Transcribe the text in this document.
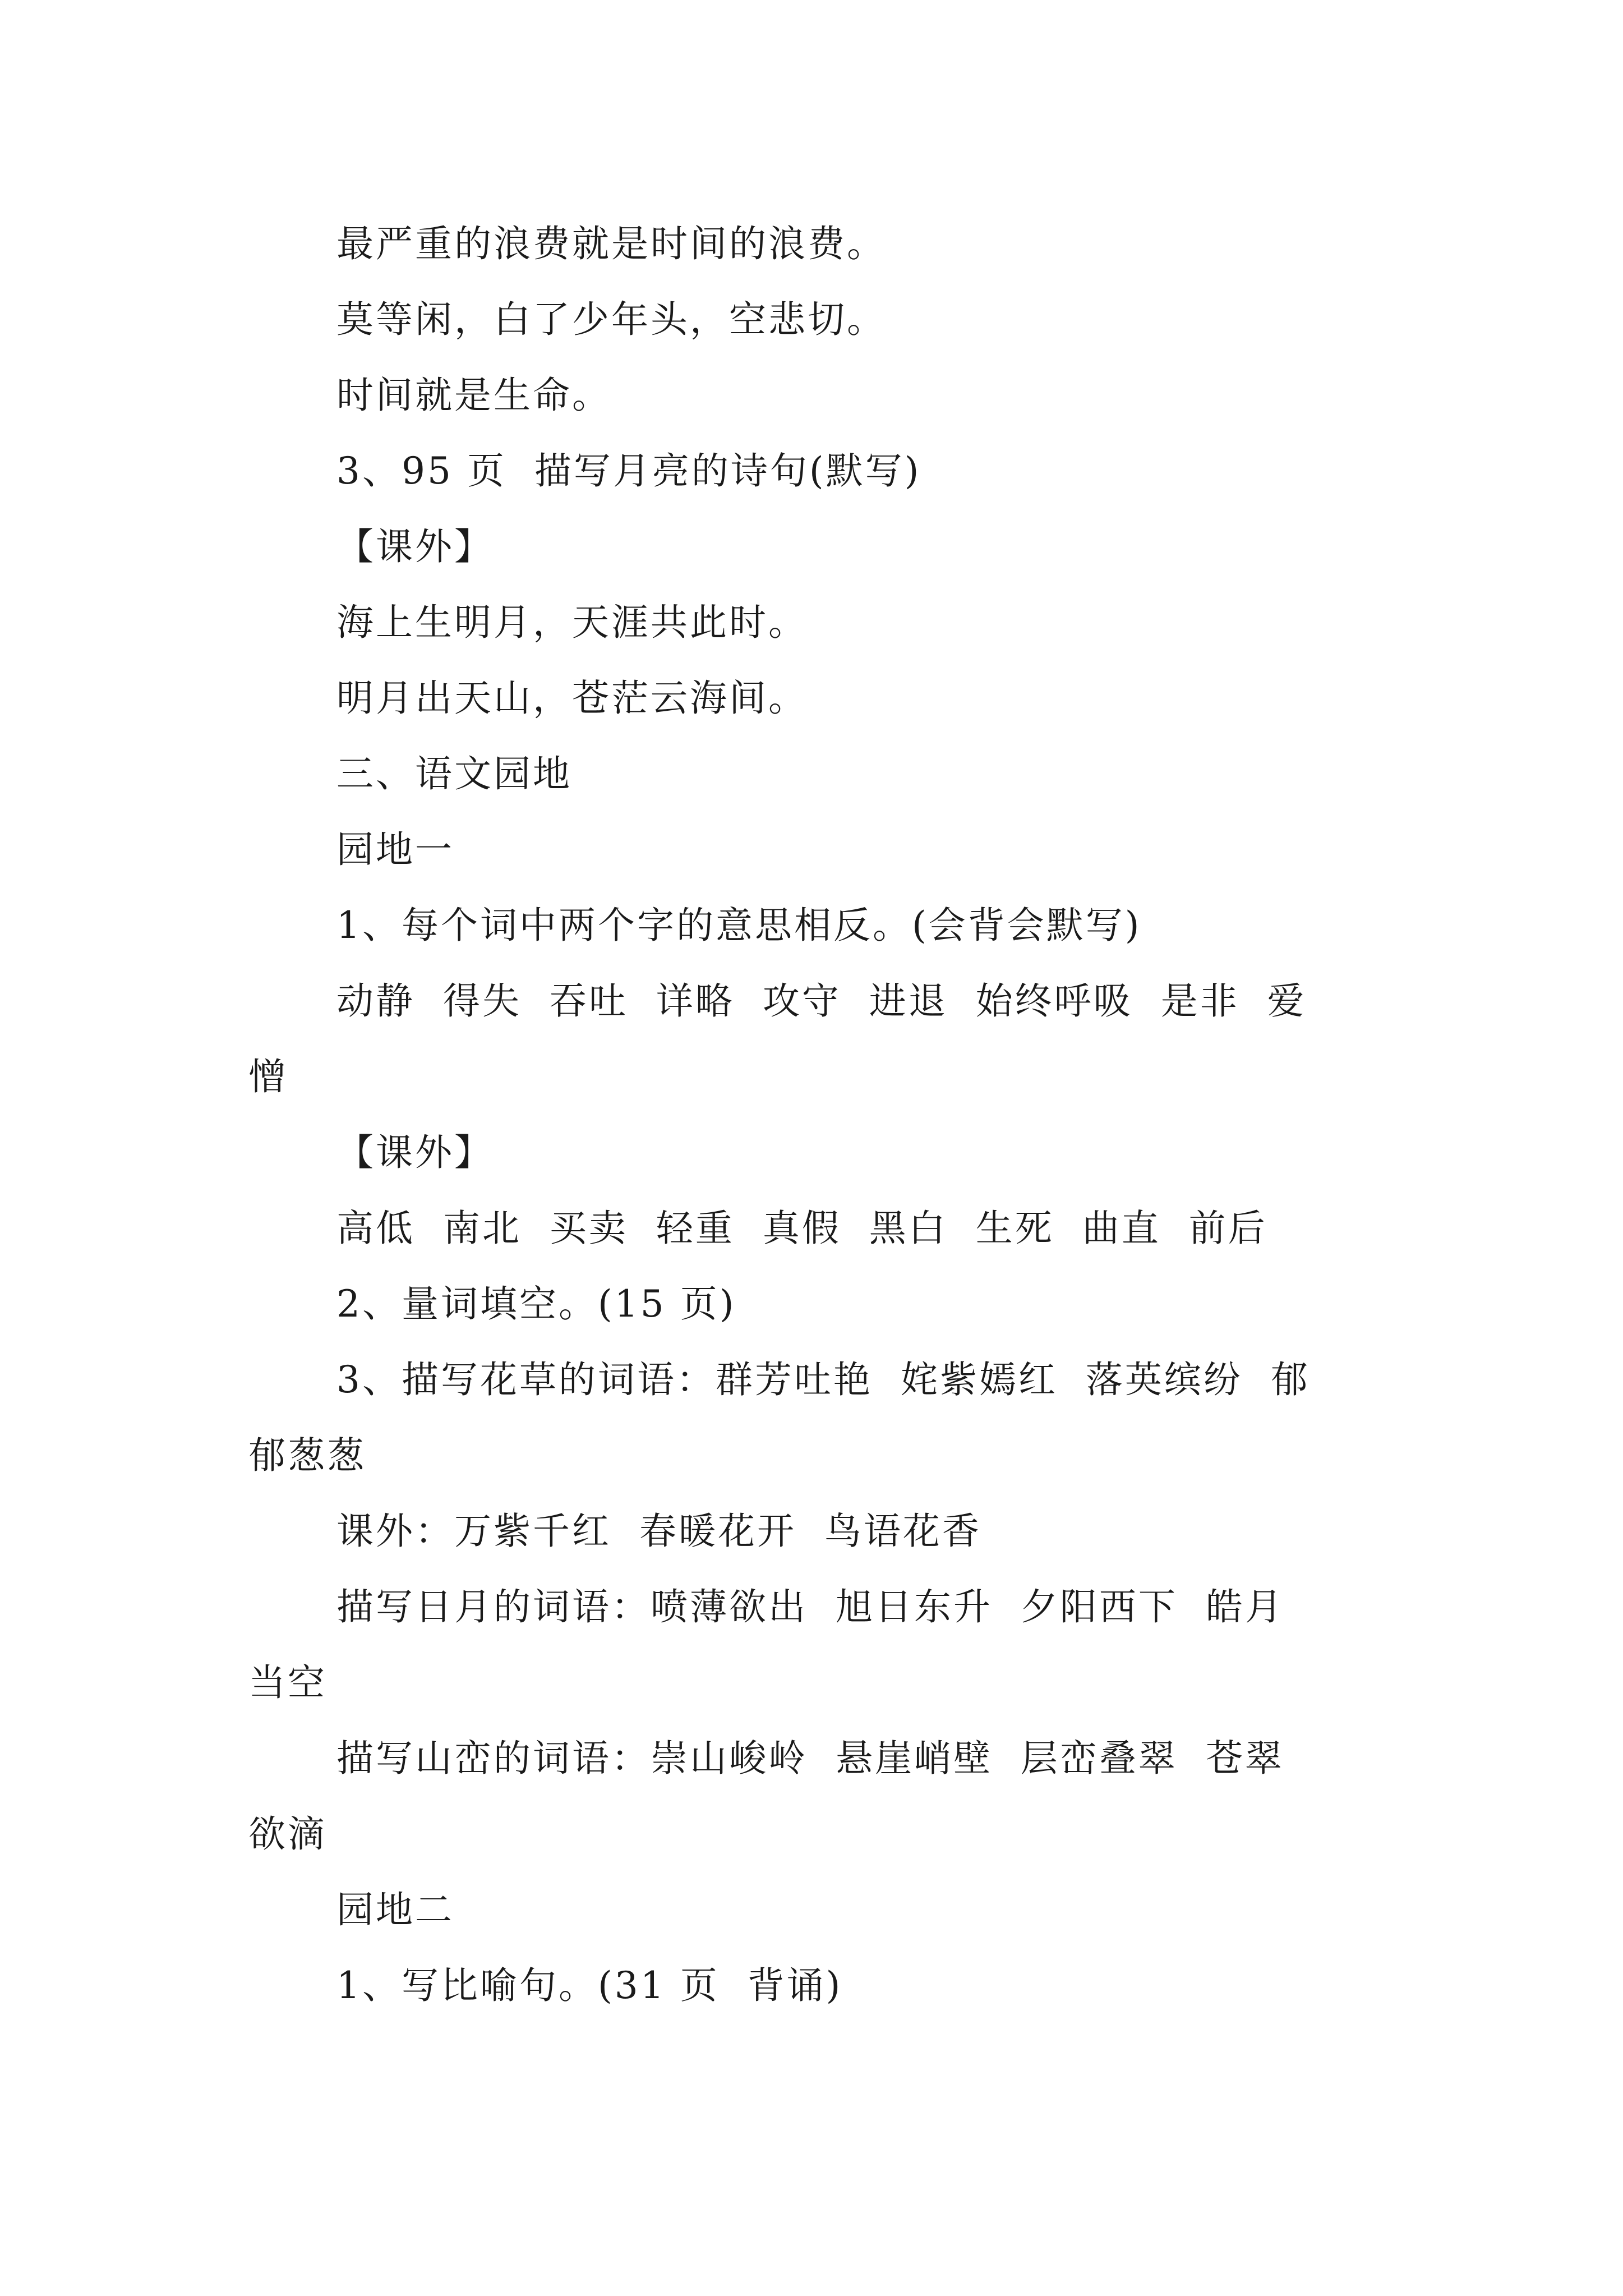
最严重的浪费就是时间的浪费。
莫等闲，白了少年头，空悲切。
时间就是生命。
3、95 页  描写月亮的诗句(默写)
【课外】
海上生明月，天涯共此时。
明月出天山，苍茫云海间。
三、语文园地
园地一
1、每个词中两个字的意思相反。(会背会默写)
动静  得失  吞吐  详略  攻守  进退  始终呼吸  是非  爱
憎
【课外】
高低  南北  买卖  轻重  真假  黑白  生死  曲直  前后
2、量词填空。(15 页)
3、描写花草的词语：群芳吐艳  姹紫嫣红  落英缤纷  郁
郁葱葱
课外：万紫千红  春暖花开  鸟语花香
描写日月的词语：喷薄欲出  旭日东升  夕阳西下  皓月
当空
描写山峦的词语：崇山峻岭  悬崖峭壁  层峦叠翠  苍翠
欲滴
园地二
1、写比喻句。(31 页  背诵)
